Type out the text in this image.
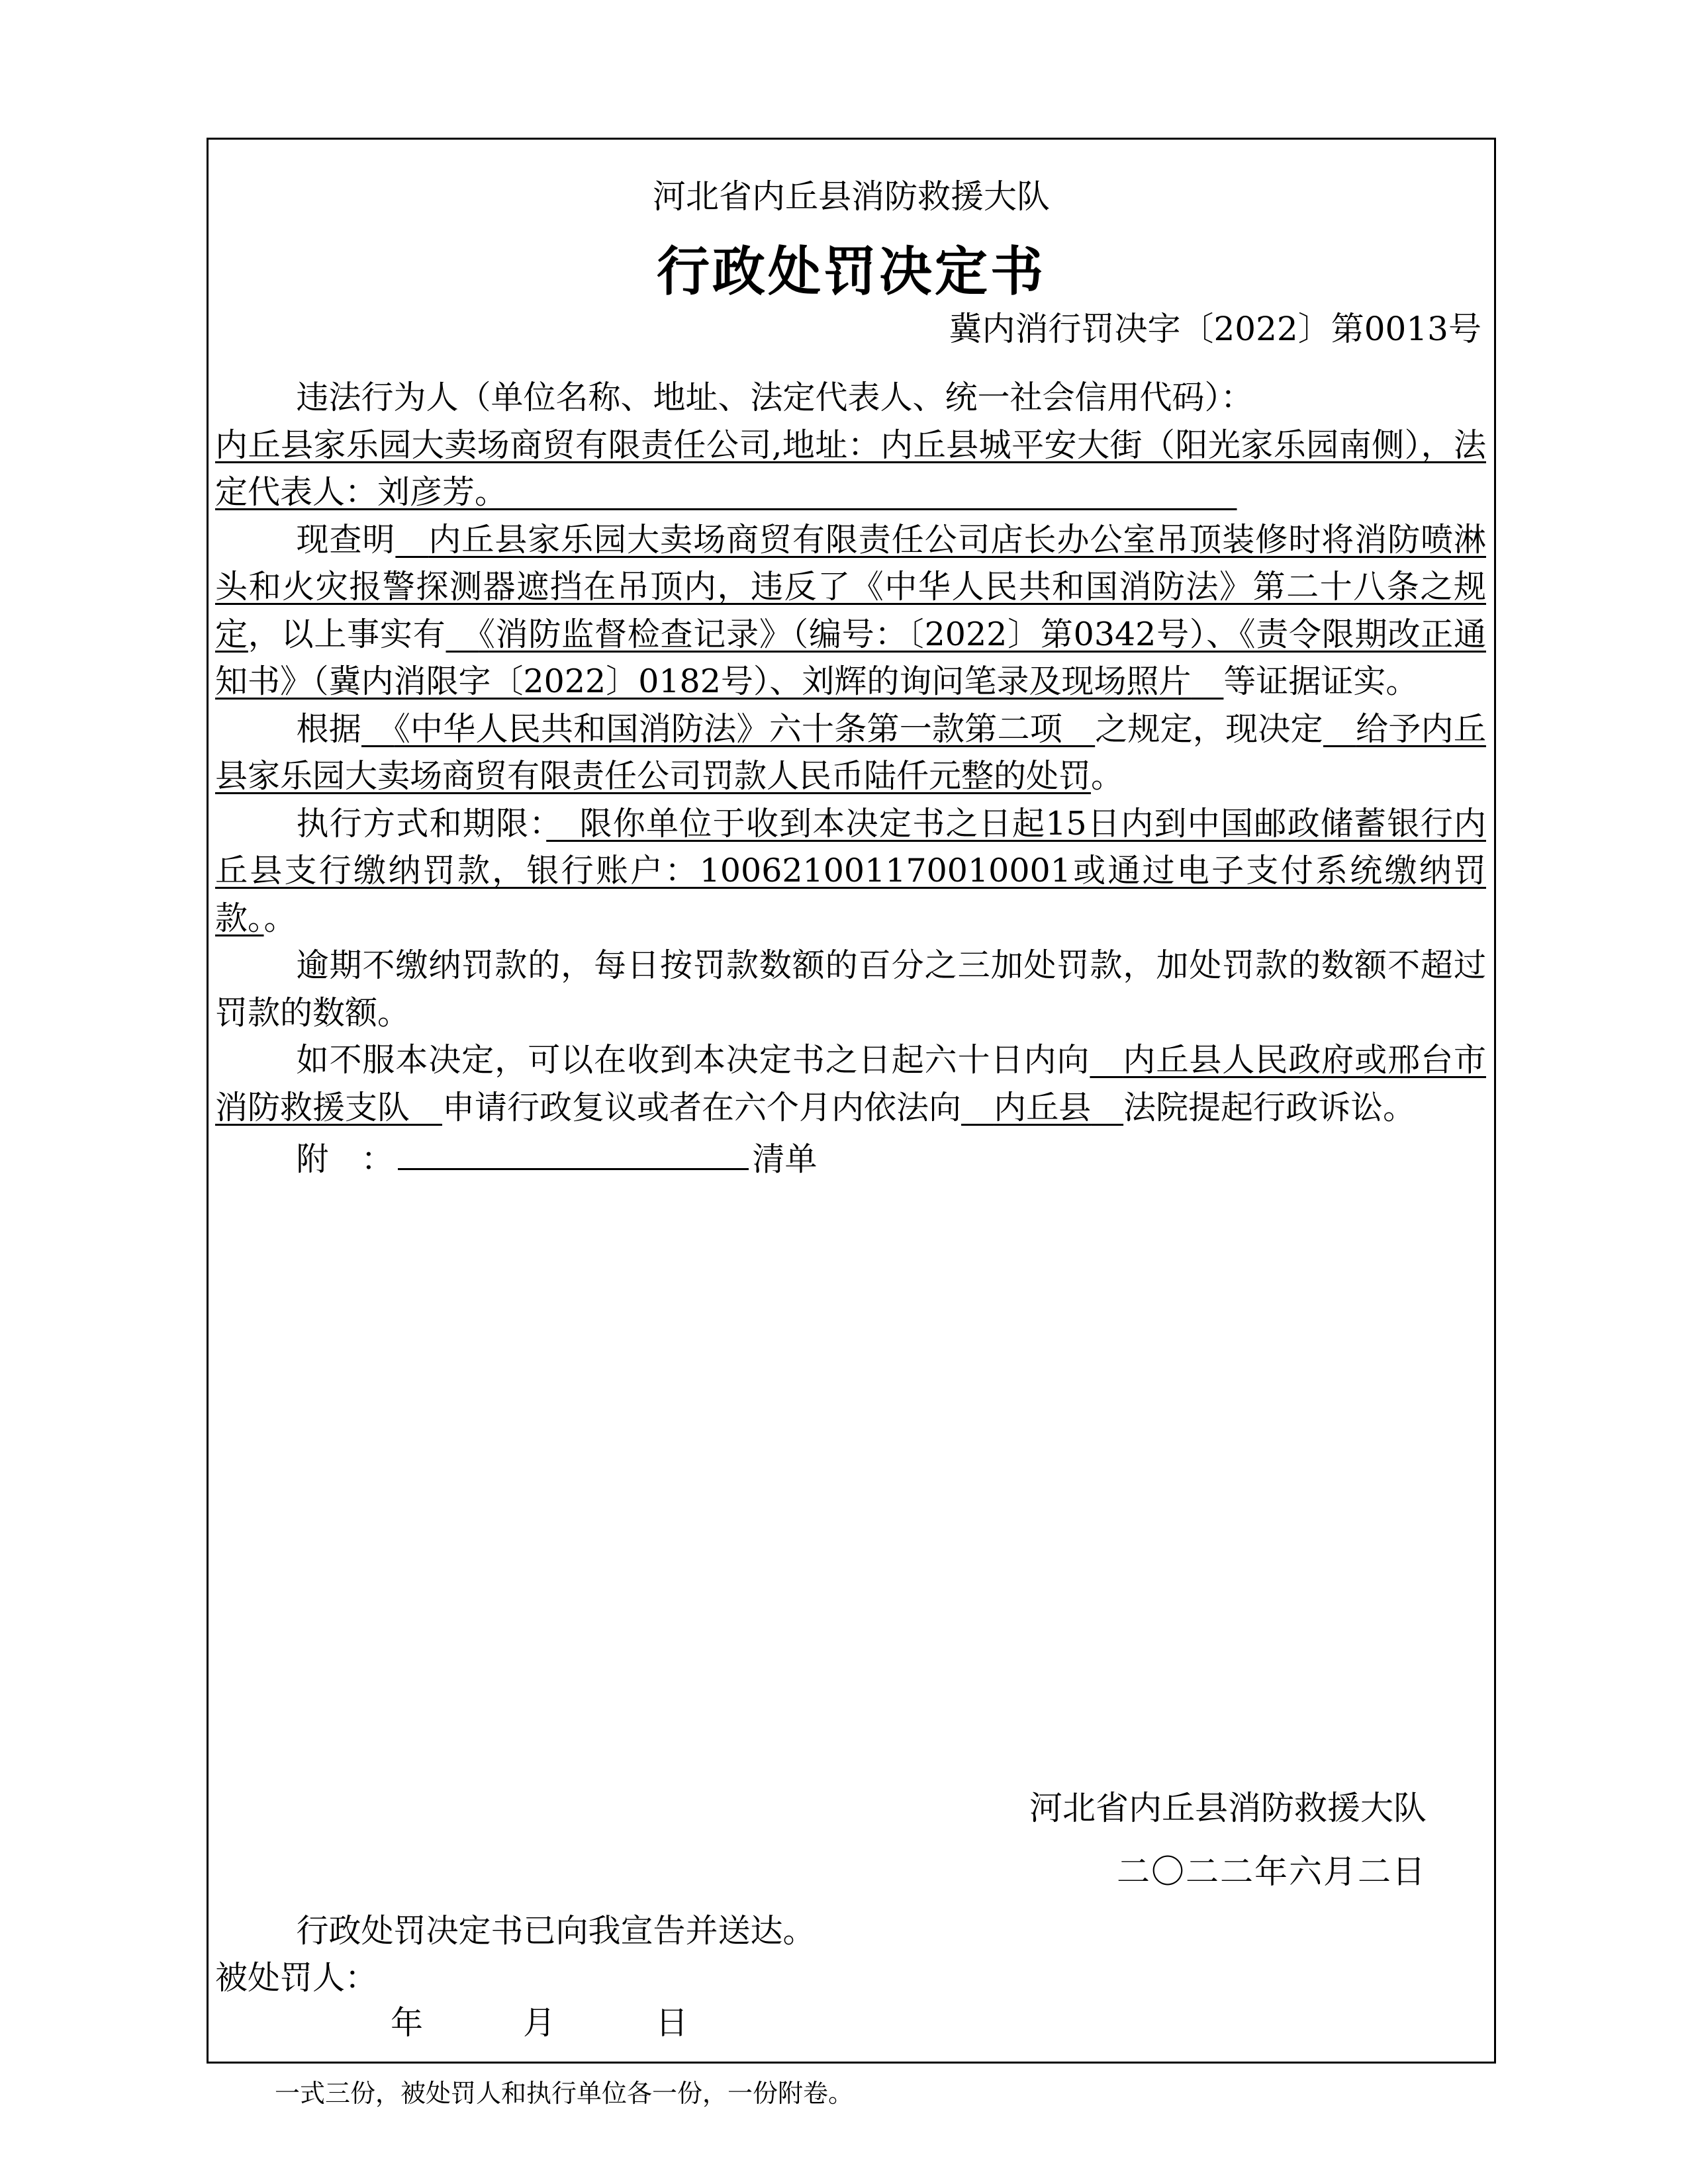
河北省内丘县消防救援大队
行政处罚决定书
冀内消行罚决字〔2022〕第0013号

违法行为人（单位名称、地址、法定代表人、统一社会信用代码）：

内丘县家乐园大卖场商贸有限责任公司,地址：内丘县城平安大街（阳光家乐园南侧），法定代表人：刘彦芳。　　　　　　　　　　　　　　　　　　　　　　　

现查明　 内丘县家乐园大卖场商贸有限责任公司店长办公室吊顶装修时将消防喷淋头和火灾报警探测器遮挡在吊顶内，违反了《中华人民共和国消防法》第二十八条之规定，以上事实有　 《消防监督检查记录》（编号：〔2022〕第0342号）、《责令限期改正通知书》（冀内消限字〔2022〕0182号）、刘辉的询问笔录及现场照片　 等证据证实。

根据　 《中华人民共和国消防法》六十条第一款第二项　 之规定，现决定　 给予内丘县家乐园大卖场商贸有限责任公司罚款人民币陆仟元整的处罚。

执行方式和期限：　 限你单位于收到本决定书之日起15日内到中国邮政储蓄银行内丘县支行缴纳罚款，银行账户：100621001170010001或通过电子支付系统缴纳罚款。。

逾期不缴纳罚款的，每日按罚款数额的百分之三加处罚款，加处罚款的数额不超过罚款的数额。

如不服本决定，可以在收到本决定书之日起六十日内向　 内丘县人民政府或邢台市消防救援支队　 申请行政复议或者在六个月内依法向　 内丘县　 法院提起行政诉讼。

附　：	清单

河北省内丘县消防救援大队
二〇二二年六月二日

行政处罚决定书已向我宣告并送达。

被处罚人：

年	月	日
一式三份，被处罚人和执行单位各一份，一份附卷。
